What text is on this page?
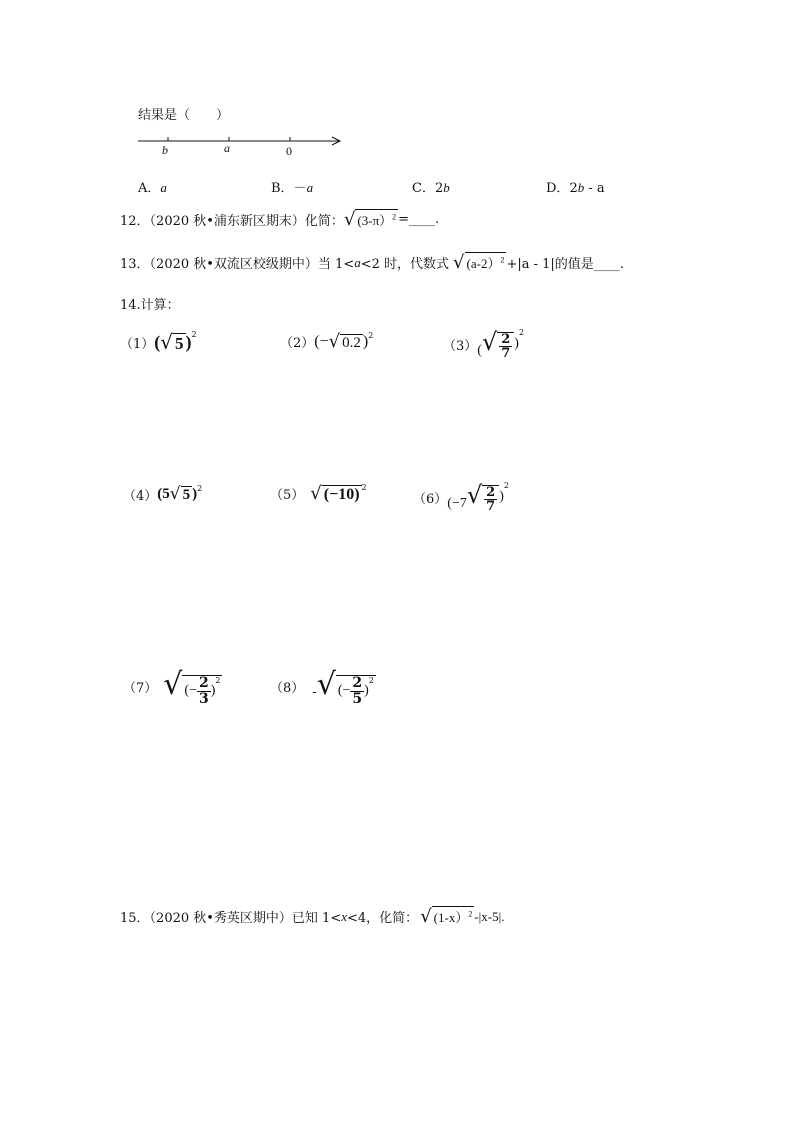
结果是（　　）
b	a	0
A．a	B．－a	C．2b	D．2b - a
12．（2020 秋•浦东新区期末）化简： √ (3-π）$^2$ =____.
13．（2020 秋•双流区校级期中）当 1< a <2 时，代数式 √ (a-2）$^2$ +|a - 1|的值是____.
14.计算：
（1） ( √ 5 )$^2$
（2） (− √ 0.2 )$^2$
（3） ( √ $\frac{2}{7}$ )
$^2$
（4） (5 √ 5 )$^2$	（5） √ (−10) $^2$
（6） (−7 √ $\frac{2}{7}$ )
$^2$
（7） √ (− $\frac{2}{3}$ )
$^2$
（8） - √ (− $\frac{2}{5}$ )
$^2$
15．（2020 秋•秀英区期中）已知 1< x <4，化简： √ (1-x）$^2$ -|x-5|.
